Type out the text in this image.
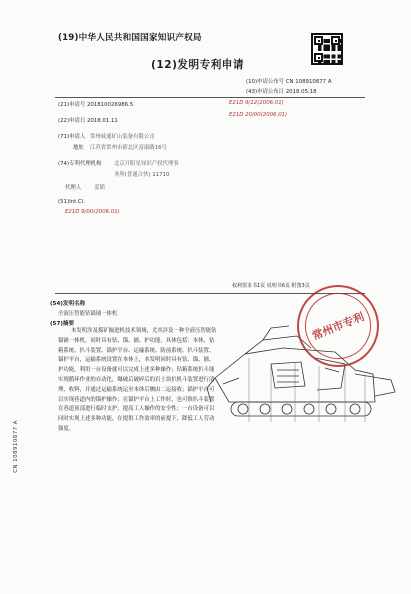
(19)中华人民共和国国家知识产权局
(12)发明专利申请
(10)申请公布号 CN 108910877 A
(43)申请公布日 2018.05.18
(21)申请号 201810026986.5
(22)申请日 2018.01.11
(71)申请人 常州威通矿山装备有限公司
地址 江苏省常州市新北区富康路16号
(74)专利代理机构 北京开阳星知识产权代理事
务所(普通合伙) 11710
代理人 姜韬
(51)Int.Cl.
E21D 9/00(2006.01)
E21D 9/12(2006.01)
E21D 20/00(2006.01)
权利要求书1页 说明书6页 附图3页
(54)发明名称
全液压智能钻锚铺一体机
(57)摘要
本发明涉及煤矿掘进机技术领域，尤其涉及一种全液压智能钻锚铺一体机，同时具有钻、锚、铺、护功能，具体包括：本体、钻箱系统、扒斗装置、锚护平台、运输系统、防前系统、扒斗装置、锚护平台，运输系统设置在本体上，本发明同时具有钻、锚、铺、护功能，利用一台设备就可以完成上述多种操作；钻箱系统扒斗能实现循环作业的自动化，爆破后破碎后的岩土块扒机斗装置进行清理、收料，并通过运输系统运至本体后侧由二运接收；锚护平台可以实现巷道内的锚护操作；在锚护平台上工作时，也可推扒斗装置在巷道顶部进行临时支护，提高工人操作的安全性；一台设备可以同时实现上述多种功能，在提供工作效率的前提下，降低工人劳动强度。
常州市专利
CN 108910877 A
